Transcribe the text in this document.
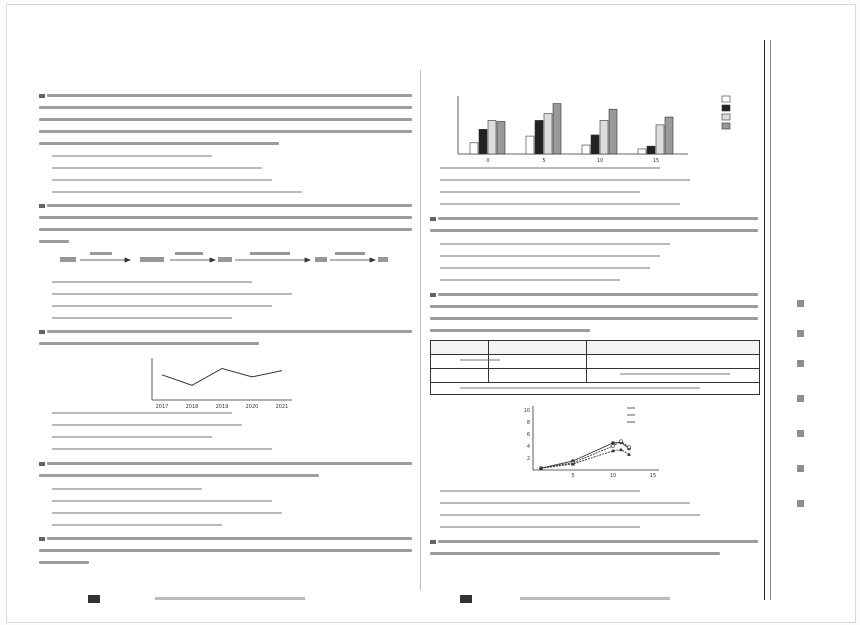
2017	2018	2019	2020	2021
0	5	10	15

2
4
6
8
10
5	10	15
